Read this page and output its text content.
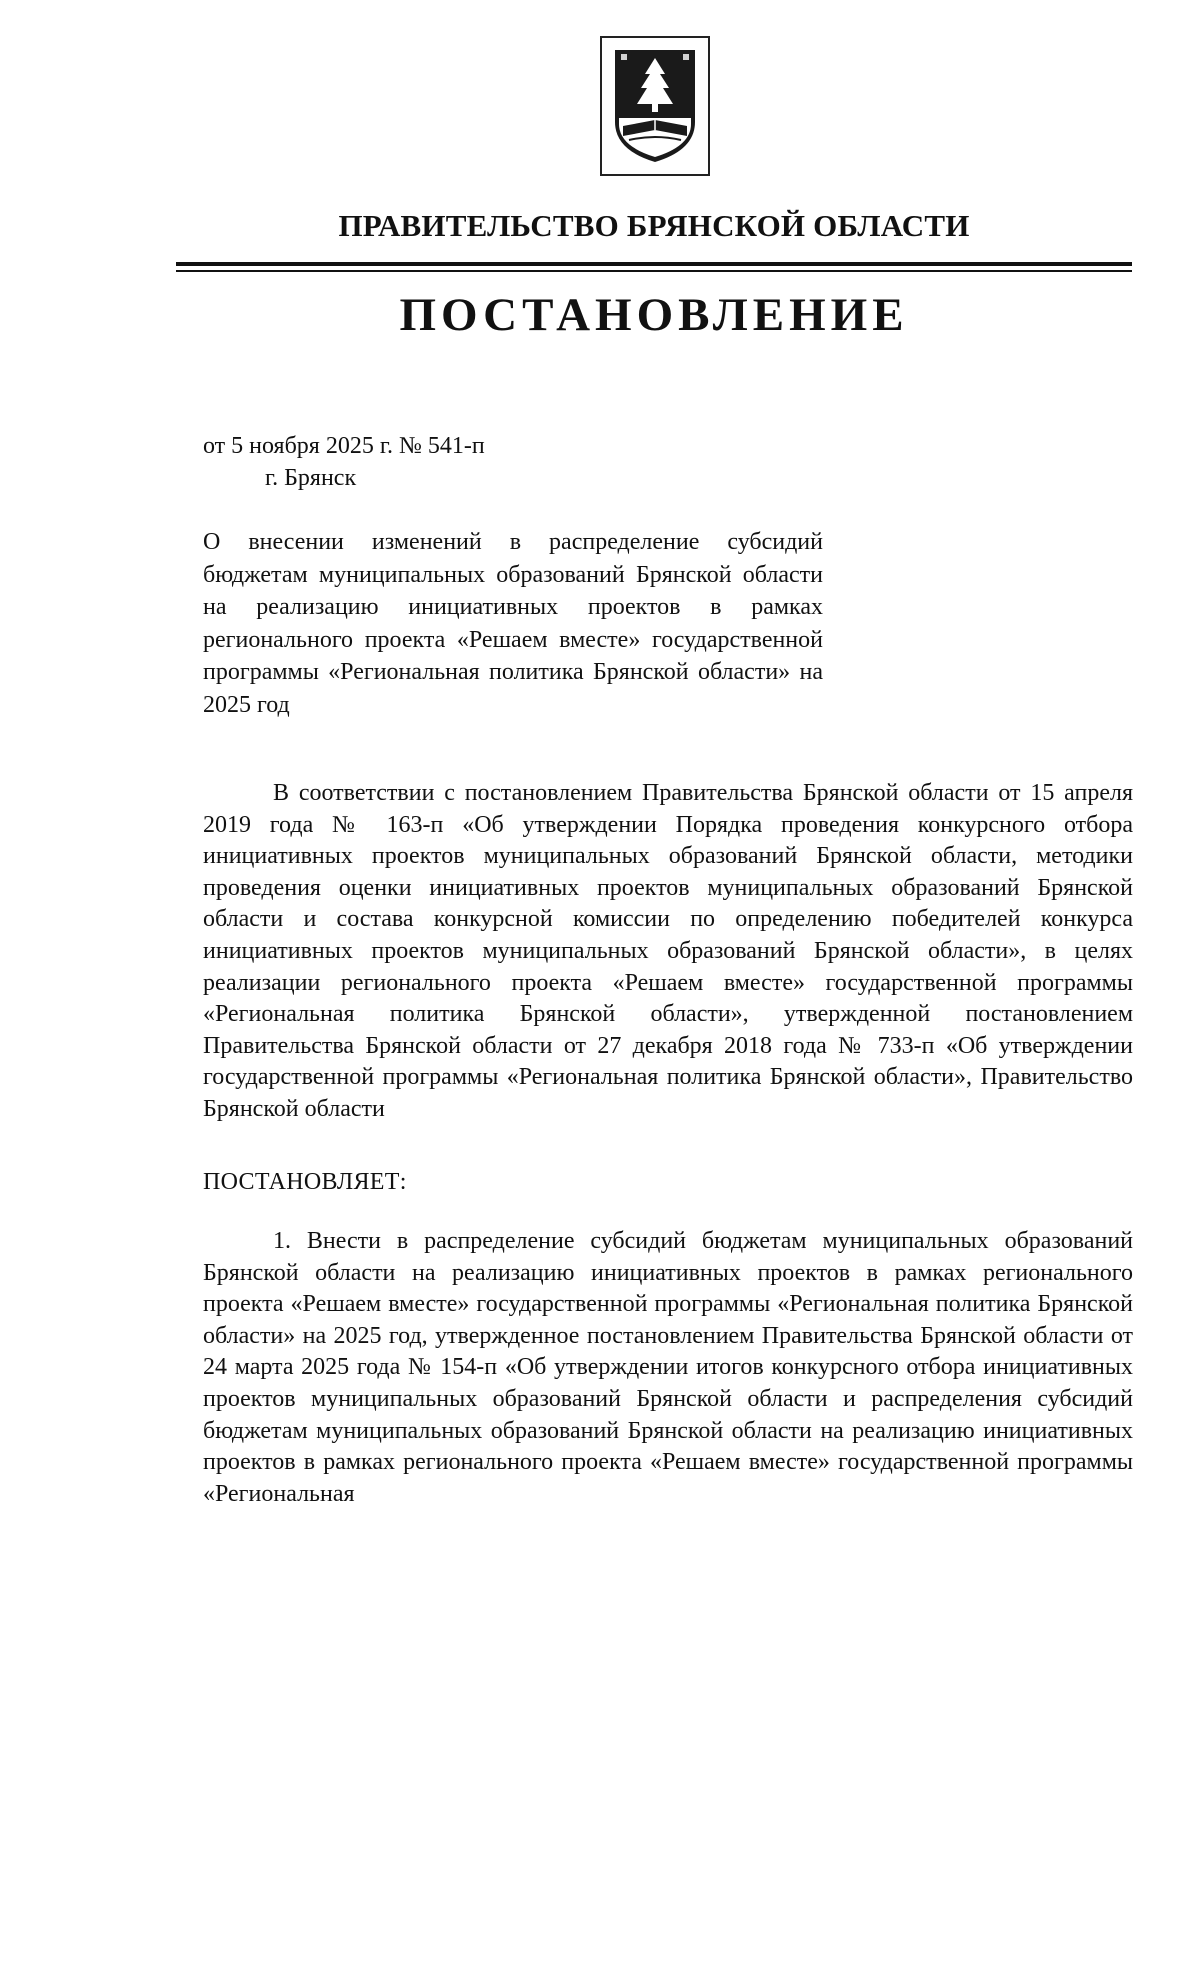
ПРАВИТЕЛЬСТВО БРЯНСКОЙ ОБЛАСТИ
ПОСТАНОВЛЕНИЕ
от 5 ноября 2025 г. № 541-п
г. Брянск
О внесении изменений в распределение субсидий бюджетам муниципальных образований Брянской области на реализацию инициативных проектов в рамках регионального проекта «Решаем вместе» государственной программы «Региональная политика Брянской области» на 2025 год
В соответствии с постановлением Правительства Брянской области от 15 апреля 2019 года № 163-п «Об утверждении Порядка проведения конкурсного отбора инициативных проектов муниципальных образований Брянской области, методики проведения оценки инициативных проектов муниципальных образований Брянской области и состава конкурсной комиссии по определению победителей конкурса инициативных проектов муниципальных образований Брянской области», в целях реализации регионального проекта «Решаем вместе» государственной программы «Региональная политика Брянской области», утвержденной постановлением Правительства Брянской области от 27 декабря 2018 года № 733-п «Об утверждении государственной программы «Региональная политика Брянской области», Правительство Брянской области
ПОСТАНОВЛЯЕТ:
1. Внести в распределение субсидий бюджетам муниципальных образований Брянской области на реализацию инициативных проектов в рамках регионального проекта «Решаем вместе» государственной программы «Региональная политика Брянской области» на 2025 год, утвержденное постановлением Правительства Брянской области от 24 марта 2025 года № 154-п «Об утверждении итогов конкурсного отбора инициативных проектов муниципальных образований Брянской области и распределения субсидий бюджетам муниципальных образований Брянской области на реализацию инициативных проектов в рамках регионального проекта «Решаем вместе» государственной программы «Региональная
